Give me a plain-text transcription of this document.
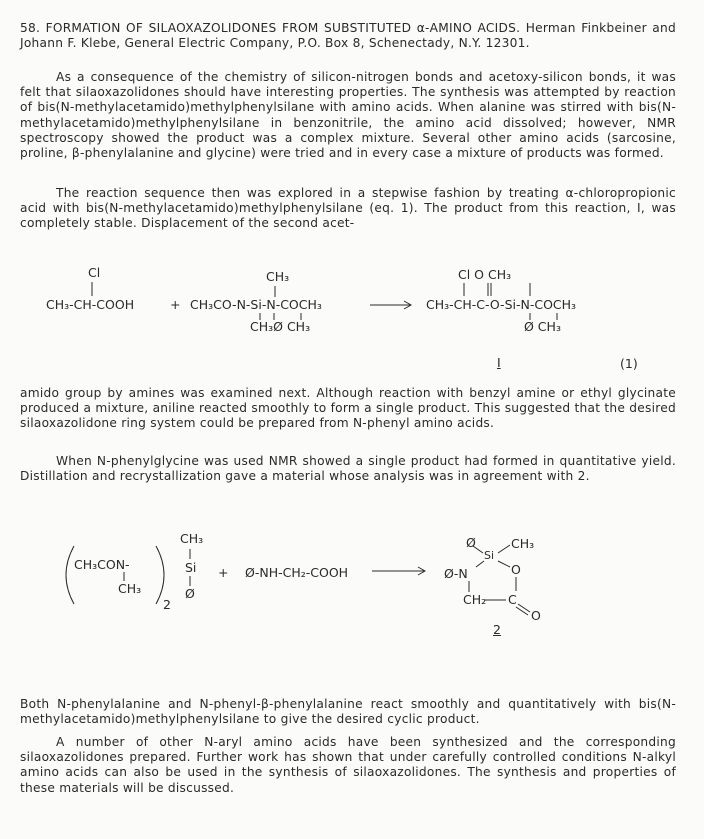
58. FORMATION OF SILAOXAZOLIDONES FROM SUBSTITUTED α-AMINO ACIDS. Herman Finkbeiner and Johann F. Klebe, General Electric Company, P.O. Box 8, Schenectady, N.Y. 12301.

As a consequence of the chemistry of silicon-nitrogen bonds and acetoxy-silicon bonds, it was felt that silaoxazolidones should have interesting properties. The synthesis was attempted by reaction of bis(N-methylacetamido)methylphenylsilane with amino acids. When alanine was stirred with bis(N-methylacetamido)methylphenylsilane in benzonitrile, the amino acid dissolved; however, NMR spectroscopy showed the product was a complex mixture. Several other amino acids (sarcosine, proline, β-phenylalanine and glycine) were tried and in every case a mixture of products was formed.

The reaction sequence then was explored in a stepwise fashion by treating α-chloropropionic acid with bis(N-methylacetamido)methylphenylsilane (eq. 1). The product from this reaction, I, was completely stable. Displacement of the second acet-

Cl
CH₃-CH-COOH	+
CH₃
CH₃CO-N-Si-N-COCH₃
CH₃Ø CH₃
Cl O CH₃
CH₃-CH-C-O-Si-N-COCH₃
Ø CH₃
I	(1)

amido group by amines was examined next. Although reaction with benzyl amine or ethyl glycinate produced a mixture, aniline reacted smoothly to form a single product. This suggested that the desired silaoxazolidone ring system could be prepared from N-phenyl amino acids.

When N-phenylglycine was used NMR showed a single product had formed in quantitative yield. Distillation and recrystallization gave a material whose analysis was in agreement with 2.

CH₃CON-
CH₃
2
CH₃
Si
Ø
+ Ø-NH-CH₂-COOH
Ø	CH₃
Si
Ø-N	O
CH₂ C
O
2

Both N-phenylalanine and N-phenyl-β-phenylalanine react smoothly and quantitatively with bis(N-methylacetamido)methylphenylsilane to give the desired cyclic product.

A number of other N-aryl amino acids have been synthesized and the corresponding silaoxazolidones prepared. Further work has shown that under carefully controlled conditions N-alkyl amino acids can also be used in the synthesis of silaoxazolidones. The synthesis and properties of these materials will be discussed.
